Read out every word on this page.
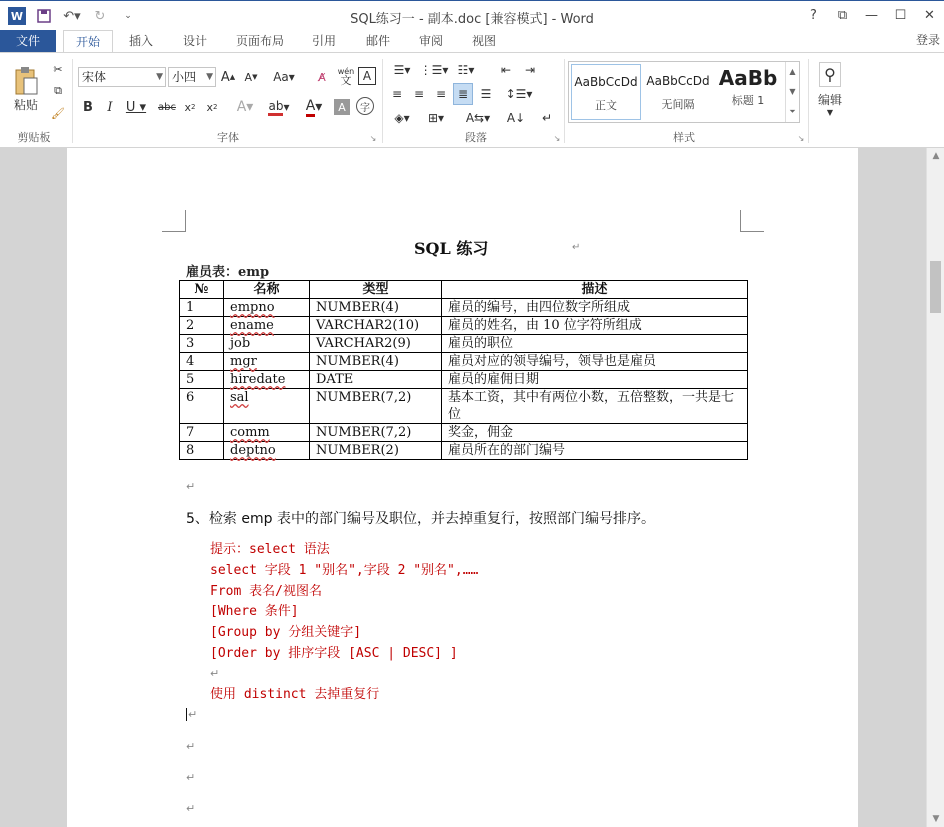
W	↶▾	↻	⌄	SQL练习一 - 副本.doc [兼容模式] - Word	?	⧉	—	☐	✕
文件	开始	插入	设计	页面布局	引用	邮件	审阅	视图	登录
粘贴
✂
⧉
🖌
剪贴板
宋体	▼ 小四 ▼ A ▲ A ▼ Aa▾	A̸	wén
文 A
B	I	U ▾ abc x 2 x 2	A▾	ab ▾	A ▾	A	字
字体	↘
☰▾ ⋮☰▾ ☷▾	⇤	⇥
≡ ≡ ≡ ≣	☰	↕☰▾
◈▾	⊞▾	A⇆▾	A↓	↵
段落	↘
AaBbCcDd
正文
AaBbCcDd
无间隔
AaBb
标题 1
▲
▼
⏷
样式	↘
⚲
编辑
▼
▲
▼
SQL 练习	↵
雇员表：emp
№	名称	类型	描述
1	empno	NUMBER(4)	雇员的编号，由四位数字所组成
2	ename	VARCHAR2(10)	雇员的姓名，由 10 位字符所组成
3	job	VARCHAR2(9)	雇员的职位
4	mgr	NUMBER(4)	雇员对应的领导编号，领导也是雇员
5	hiredate	DATE	雇员的雇佣日期
6	sal	NUMBER(7,2)	基本工资，其中有两位小数，五倍整数，一共是七位
7	comm	NUMBER(7,2)	奖金，佣金
8	deptno	NUMBER(2)	雇员所在的部门编号
↵
5、检索 emp 表中的部门编号及职位，并去掉重复行，按照部门编号排序。
提示：select 语法
select 字段 1 "别名",字段 2 "别名",……
From 表名/视图名
[Where 条件]
[Group by 分组关键字]
[Order by 排序字段 [ASC | DESC] ]
↵
使用 distinct 去掉重复行
↵
↵
↵
↵
